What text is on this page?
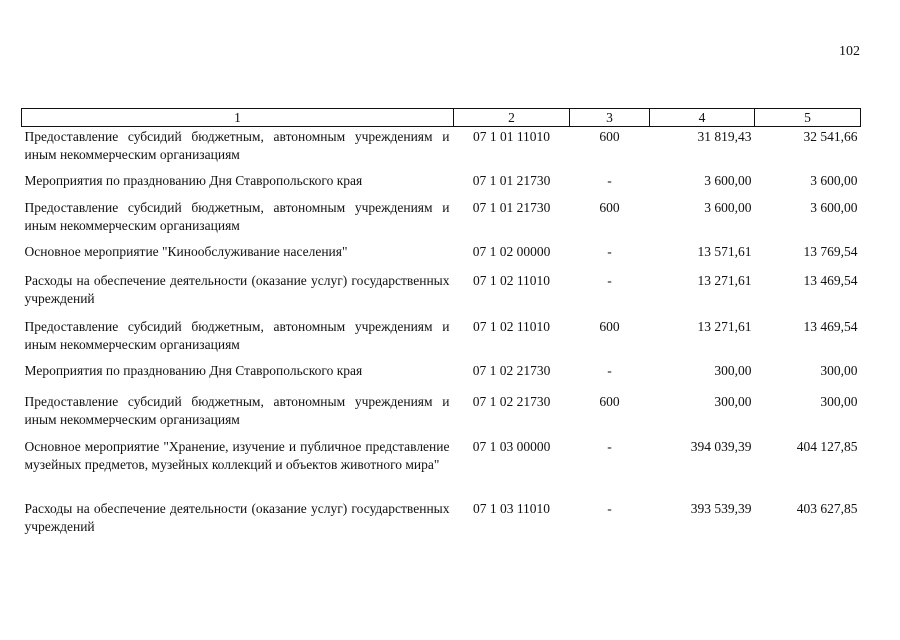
102
1	2	3	4	5
Предоставление субсидий бюджетным, автономным учреждениям и иным некоммерческим организациям	07 1 01 11010	600	31 819,43	32 541,66
Мероприятия по празднованию Дня Ставропольского края	07 1 01 21730	-	3 600,00	3 600,00
Предоставление субсидий бюджетным, автономным учреждениям и иным некоммерческим организациям	07 1 01 21730	600	3 600,00	3 600,00
Основное мероприятие "Кинообслуживание населения"	07 1 02 00000	-	13 571,61	13 769,54
Расходы на обеспечение деятельности (оказание услуг) государственных учреждений	07 1 02 11010	-	13 271,61	13 469,54
Предоставление субсидий бюджетным, автономным учреждениям и иным некоммерческим организациям	07 1 02 11010	600	13 271,61	13 469,54
Мероприятия по празднованию Дня Ставропольского края	07 1 02 21730	-	300,00	300,00
Предоставление субсидий бюджетным, автономным учреждениям и иным некоммерческим организациям	07 1 02 21730	600	300,00	300,00
Основное мероприятие "Хранение, изучение и публичное представление музейных предметов, музейных коллекций и объектов животного мира"	07 1 03 00000	-	394 039,39	404 127,85
Расходы на обеспечение деятельности (оказание услуг) государственных учреждений	07 1 03 11010	-	393 539,39	403 627,85
